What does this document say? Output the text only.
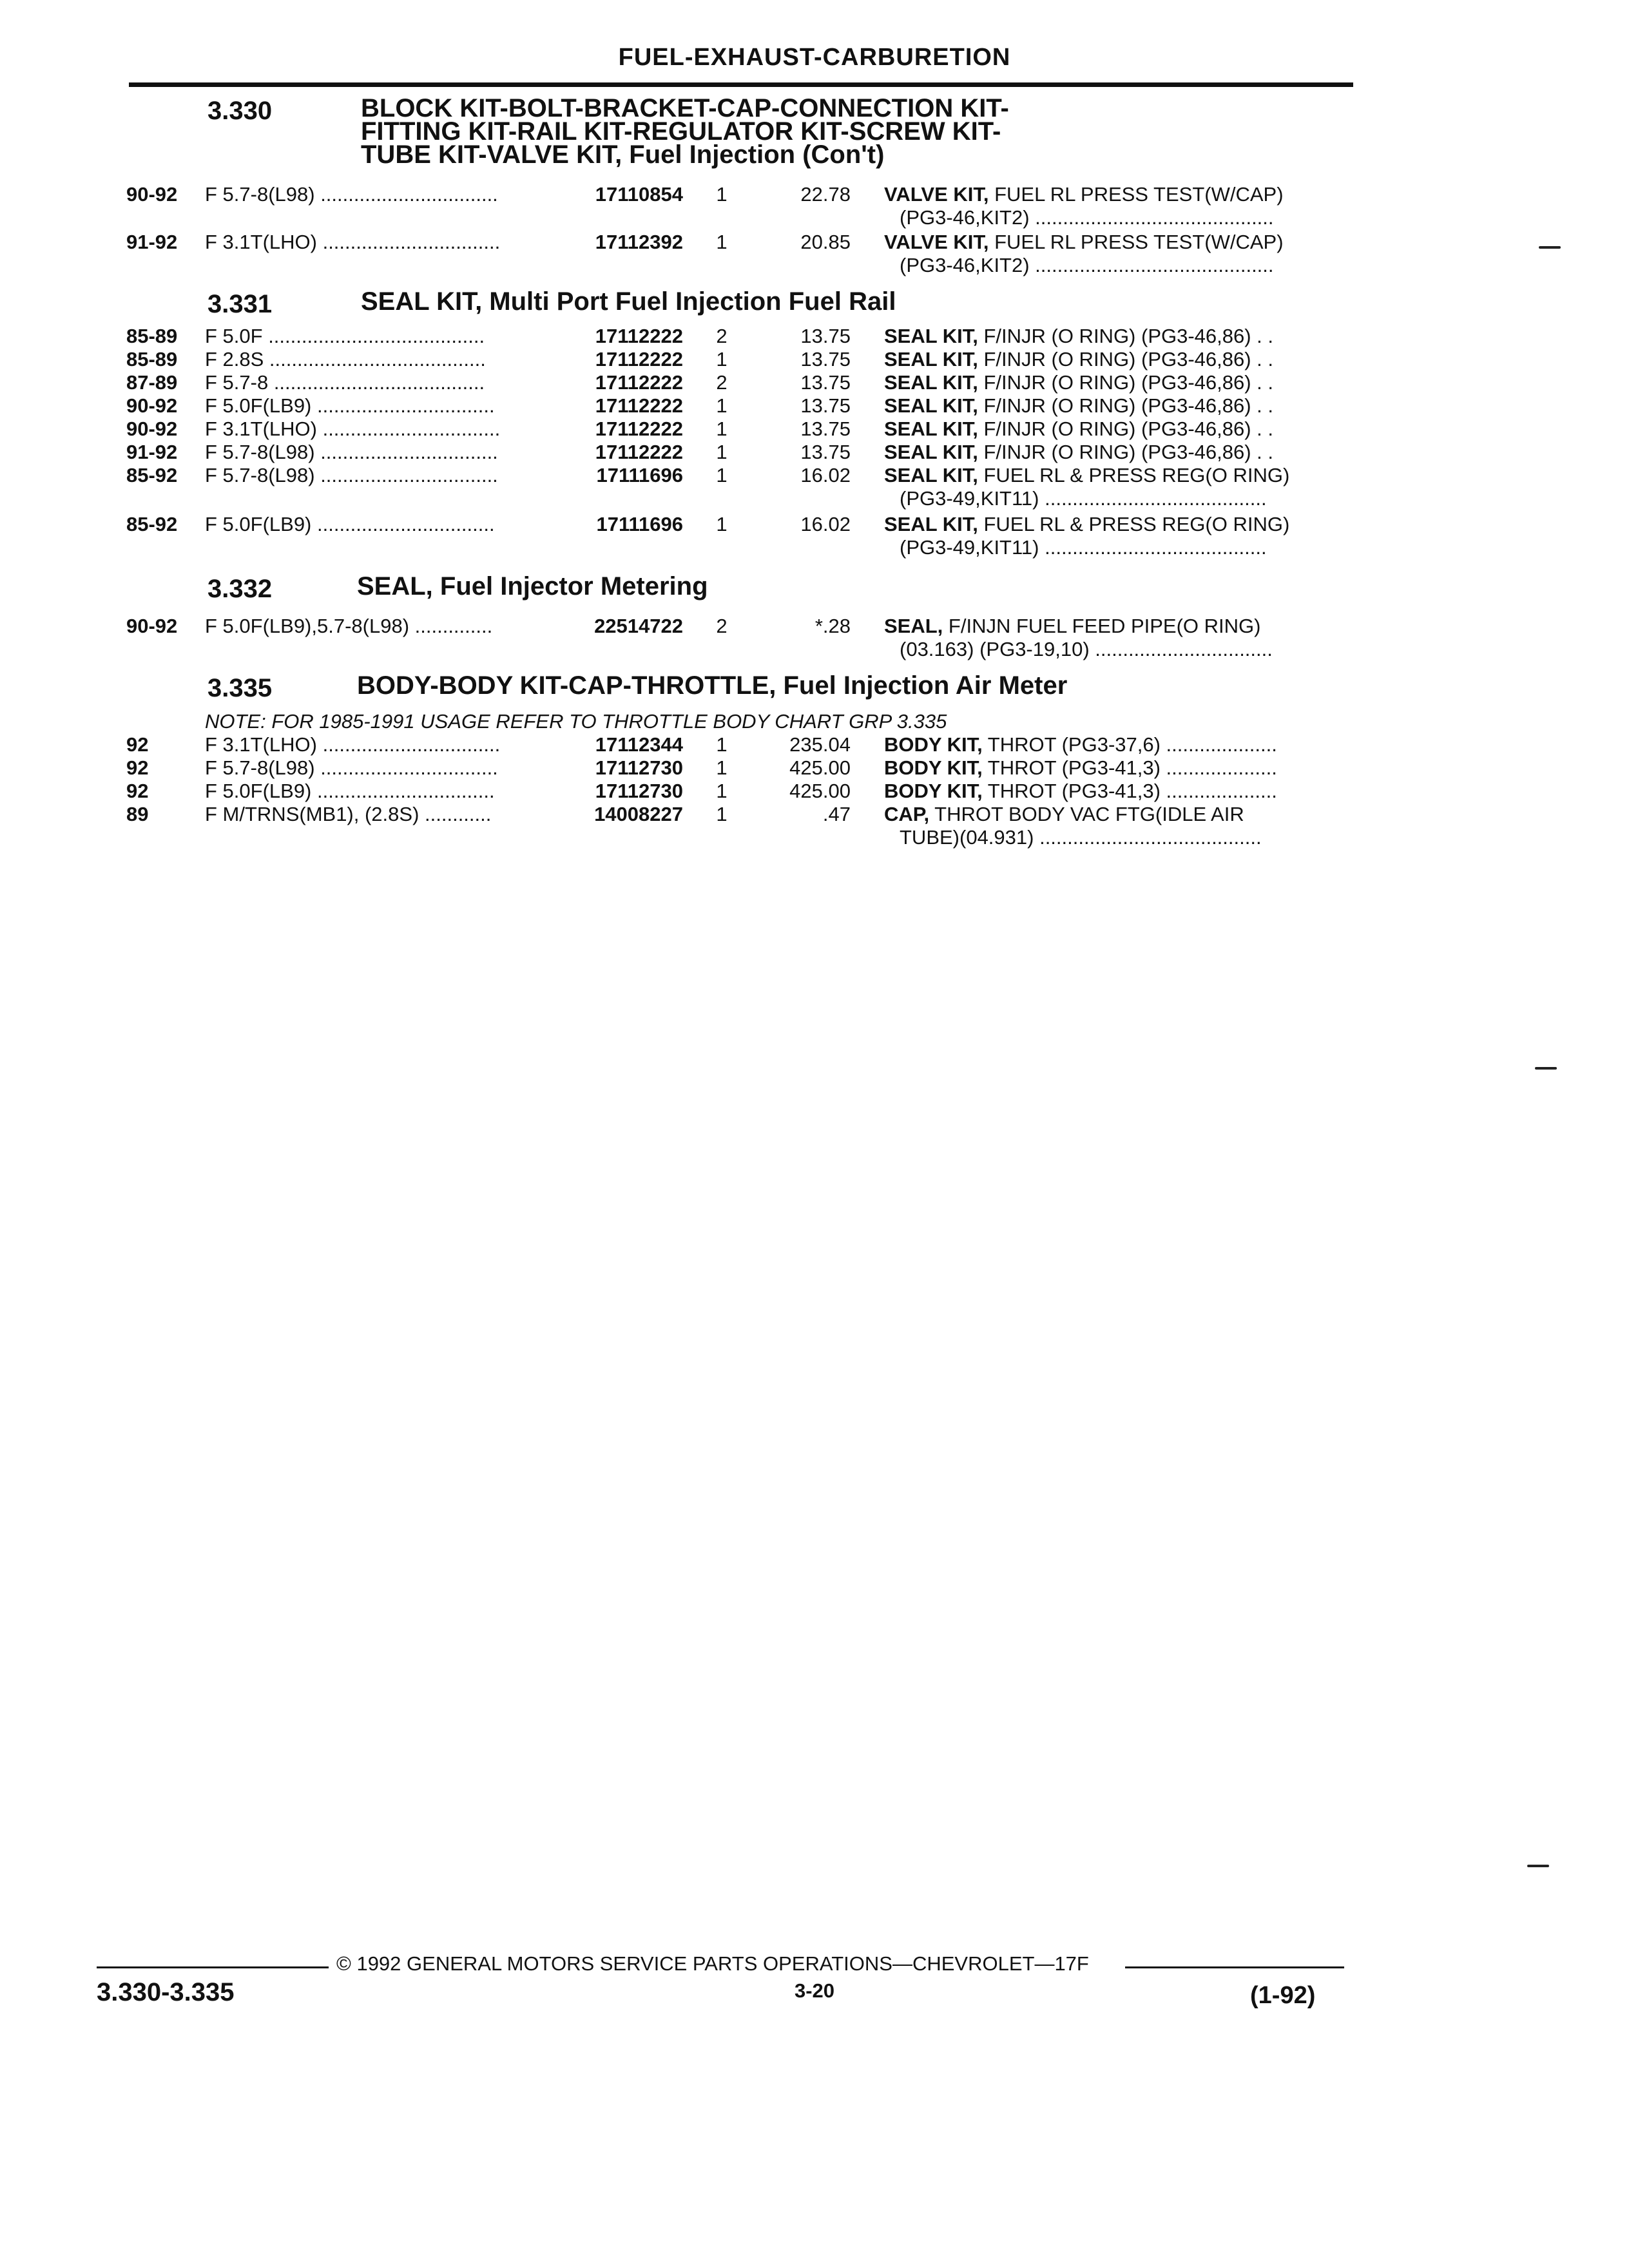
FUEL-EXHAUST-CARBURETION
3.330	BLOCK KIT-BOLT-BRACKET-CAP-CONNECTION KIT-
FITTING KIT-RAIL KIT-REGULATOR KIT-SCREW KIT-
TUBE KIT-VALVE KIT, Fuel Injection (Con't)
90-92 F 5.7-8(L98) ................................	17110854	1	22.78 VALVE KIT, FUEL RL PRESS TEST(W/CAP)
(PG3-46,KIT2) ...........................................
91-92 F 3.1T(LHO) ................................	17112392	1	20.85 VALVE KIT, FUEL RL PRESS TEST(W/CAP)
(PG3-46,KIT2) ...........................................
3.331	SEAL KIT, Multi Port Fuel Injection Fuel Rail
85-89 F 5.0F .......................................	17112222	2	13.75 SEAL KIT, F/INJR (O RING) (PG3-46,86) . .
85-89 F 2.8S .......................................	17112222	1	13.75 SEAL KIT, F/INJR (O RING) (PG3-46,86) . .
87-89 F 5.7-8 ......................................	17112222	2	13.75 SEAL KIT, F/INJR (O RING) (PG3-46,86) . .
90-92 F 5.0F(LB9) ................................	17112222	1	13.75 SEAL KIT, F/INJR (O RING) (PG3-46,86) . .
90-92 F 3.1T(LHO) ................................	17112222	1	13.75 SEAL KIT, F/INJR (O RING) (PG3-46,86) . .
91-92 F 5.7-8(L98) ................................	17112222	1	13.75 SEAL KIT, F/INJR (O RING) (PG3-46,86) . .
85-92 F 5.7-8(L98) ................................	17111696	1	16.02 SEAL KIT, FUEL RL & PRESS REG(O RING)
(PG3-49,KIT11) ........................................
85-92 F 5.0F(LB9) ................................	17111696	1	16.02 SEAL KIT, FUEL RL & PRESS REG(O RING)
(PG3-49,KIT11) ........................................
3.332	SEAL, Fuel Injector Metering
90-92 F 5.0F(LB9),5.7-8(L98) ..............	22514722	2	*.28 SEAL, F/INJN FUEL FEED PIPE(O RING)
(03.163) (PG3-19,10) ................................
3.335	BODY-BODY KIT-CAP-THROTTLE, Fuel Injection Air Meter
NOTE: FOR 1985-1991 USAGE REFER TO THROTTLE BODY CHART GRP 3.335
92	F 3.1T(LHO) ................................	17112344	1	235.04 BODY KIT, THROT (PG3-37,6) ....................
92	F 5.7-8(L98) ................................	17112730	1	425.00 BODY KIT, THROT (PG3-41,3) ....................
92	F 5.0F(LB9) ................................	17112730	1	425.00 BODY KIT, THROT (PG3-41,3) ....................
89	F M/TRNS(MB1), (2.8S) ............	14008227	1	.47 CAP, THROT BODY VAC FTG(IDLE AIR
TUBE)(04.931) ........................................
© 1992 GENERAL MOTORS SERVICE PARTS OPERATIONS—CHEVROLET—17F
3.330-3.335	3-20	(1-92)
